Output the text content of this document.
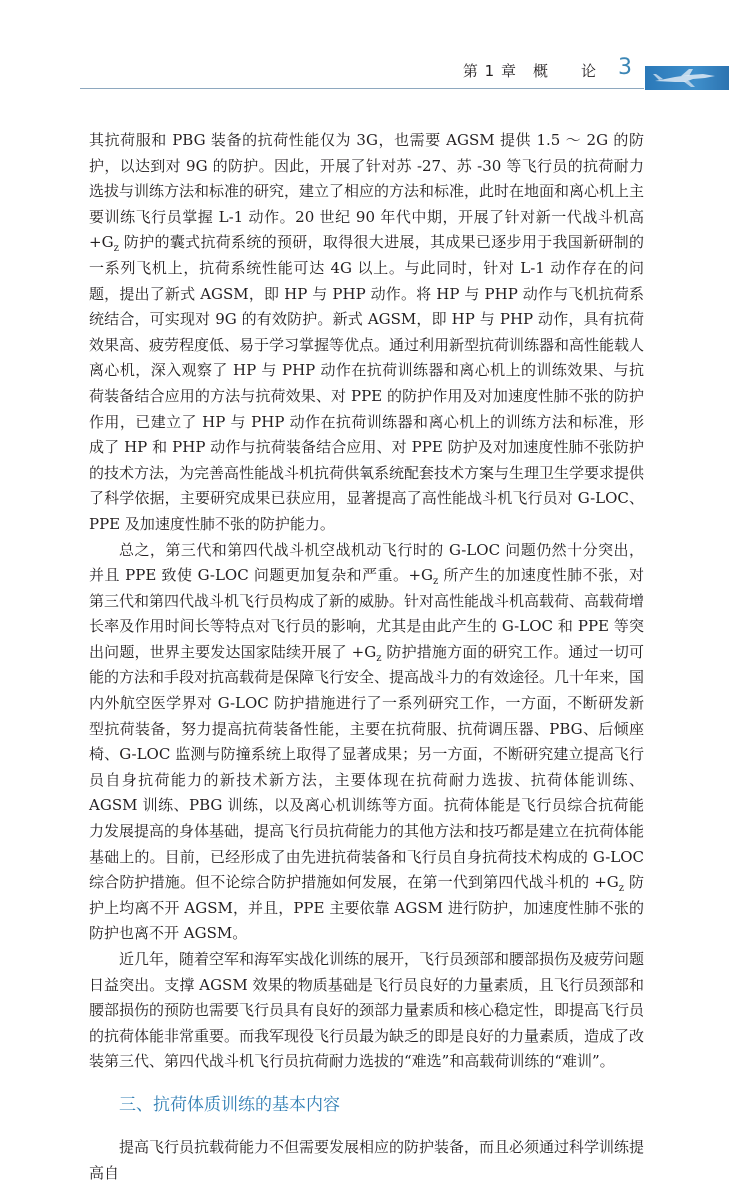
第 1 章　概　　论 3

其抗荷服和 PBG 装备的抗荷性能仅为 3G，也需要 AGSM 提供 1.5 ～ 2G 的防护，以达到对 9G 的防护。因此，开展了针对苏 -27、苏 -30 等飞行员的抗荷耐力选拔与训练方法和标准的研究，建立了相应的方法和标准，此时在地面和离心机上主要训练飞行员掌握 L-1 动作。20 世纪 90 年代中期，开展了针对新一代战斗机高 $+G_z$ 防护的囊式抗荷系统的预研，取得很大进展，其成果已逐步用于我国新研制的一系列飞机上，抗荷系统性能可达 4G 以上。与此同时，针对 L-1 动作存在的问题，提出了新式 AGSM，即 HP 与 PHP 动作。将 HP 与 PHP 动作与飞机抗荷系统结合，可实现对 9G 的有效防护。新式 AGSM，即 HP 与 PHP 动作，具有抗荷效果高、疲劳程度低、易于学习掌握等优点。通过利用新型抗荷训练器和高性能载人离心机，深入观察了 HP 与 PHP 动作在抗荷训练器和离心机上的训练效果、与抗荷装备结合应用的方法与抗荷效果、对 PPE 的防护作用及对加速度性肺不张的防护作用，已建立了 HP 与 PHP 动作在抗荷训练器和离心机上的训练方法和标准，形成了 HP 和 PHP 动作与抗荷装备结合应用、对 PPE 防护及对加速度性肺不张防护的技术方法，为完善高性能战斗机抗荷供氧系统配套技术方案与生理卫生学要求提供了科学依据，主要研究成果已获应用，显著提高了高性能战斗机飞行员对 G-LOC、PPE 及加速度性肺不张的防护能力。

总之，第三代和第四代战斗机空战机动飞行时的 G-LOC 问题仍然十分突出，并且 PPE 致使 G-LOC 问题更加复杂和严重。$+G_z$ 所产生的加速度性肺不张，对第三代和第四代战斗机飞行员构成了新的威胁。针对高性能战斗机高载荷、高载荷增长率及作用时间长等特点对飞行员的影响，尤其是由此产生的 G-LOC 和 PPE 等突出问题，世界主要发达国家陆续开展了 $+G_z$ 防护措施方面的研究工作。通过一切可能的方法和手段对抗高载荷是保障飞行安全、提高战斗力的有效途径。几十年来，国内外航空医学界对 G-LOC 防护措施进行了一系列研究工作，一方面，不断研发新型抗荷装备，努力提高抗荷装备性能，主要在抗荷服、抗荷调压器、PBG、后倾座椅、G-LOC 监测与防撞系统上取得了显著成果；另一方面，不断研究建立提高飞行员自身抗荷能力的新技术新方法，主要体现在抗荷耐力选拔、抗荷体能训练、AGSM 训练、PBG 训练，以及离心机训练等方面。抗荷体能是飞行员综合抗荷能力发展提高的身体基础，提高飞行员抗荷能力的其他方法和技巧都是建立在抗荷体能基础上的。目前，已经形成了由先进抗荷装备和飞行员自身抗荷技术构成的 G-LOC 综合防护措施。但不论综合防护措施如何发展，在第一代到第四代战斗机的 $+G_z$ 防护上均离不开 AGSM，并且，PPE 主要依靠 AGSM 进行防护，加速度性肺不张的防护也离不开 AGSM。

近几年，随着空军和海军实战化训练的展开，飞行员颈部和腰部损伤及疲劳问题日益突出。支撑 AGSM 效果的物质基础是飞行员良好的力量素质，且飞行员颈部和腰部损伤的预防也需要飞行员具有良好的颈部力量素质和核心稳定性，即提高飞行员的抗荷体能非常重要。而我军现役飞行员最为缺乏的即是良好的力量素质，造成了改装第三代、第四代战斗机飞行员抗荷耐力选拔的“难选”和高载荷训练的“难训”。

三、抗荷体质训练的基本内容

提高飞行员抗载荷能力不但需要发展相应的防护装备，而且必须通过科学训练提高自
